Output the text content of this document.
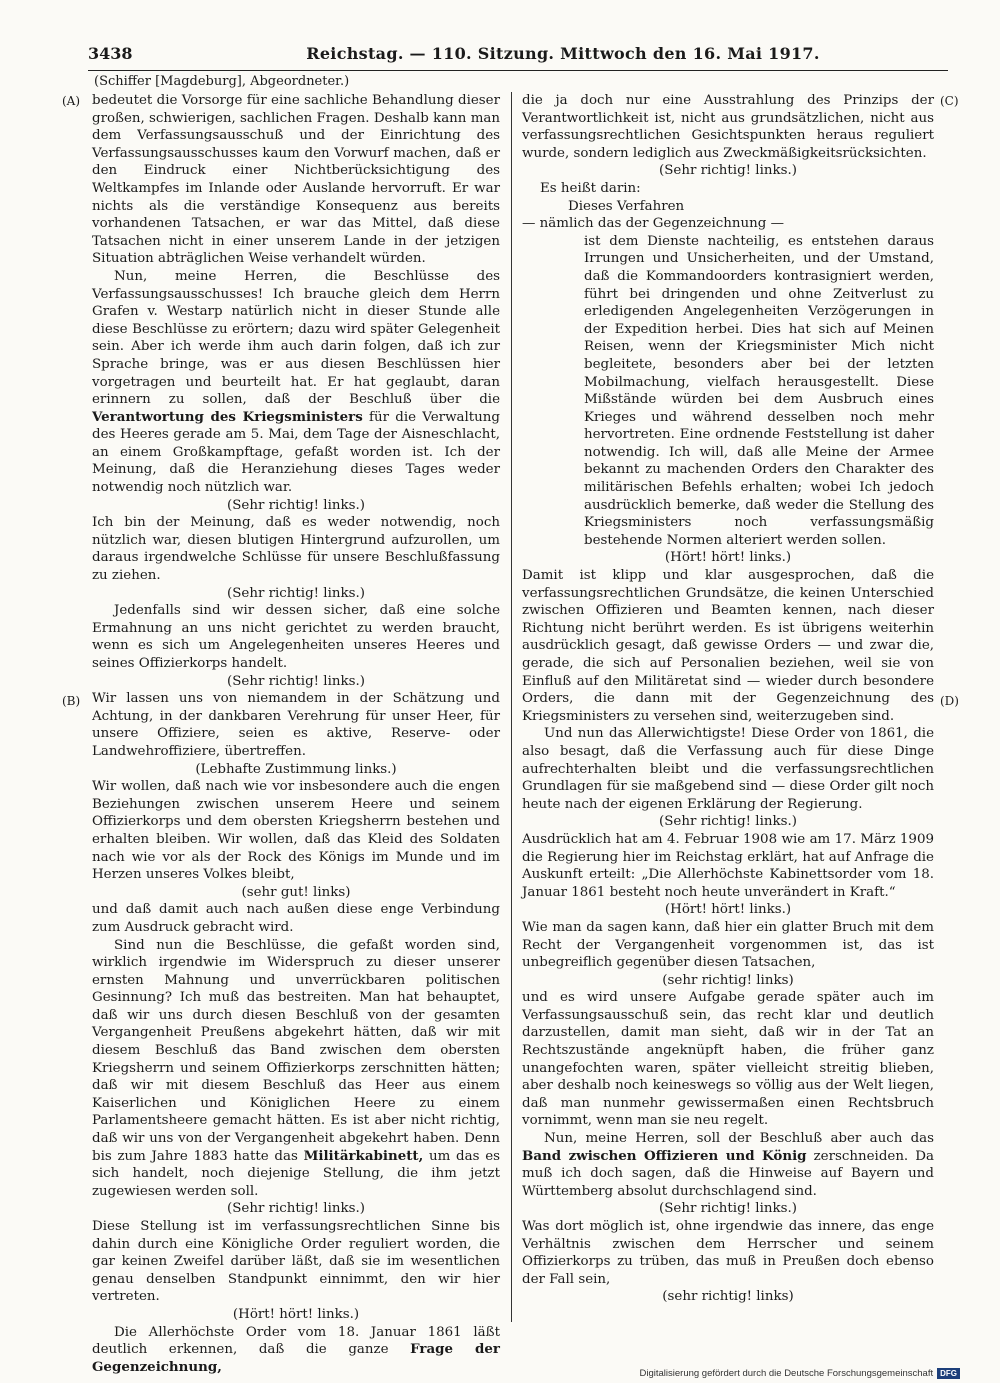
3438	Reichstag. — 110. Sitzung. Mittwoch den 16. Mai 1917.
(Schiffer [Magdeburg], Abgeordneter.)
(A)
(B)
(C)
(D)

bedeutet die Vorsorge für eine sachliche Behandlung dieser großen, schwierigen, sachlichen Fragen. Deshalb kann man dem Verfassungsausschuß und der Einrichtung des Verfassungsausschusses kaum den Vorwurf machen, daß er den Eindruck einer Nichtberücksichtigung des Weltkampfes im Inlande oder Auslande hervorruft. Er war nichts als die verständige Konsequenz aus bereits vorhandenen Tatsachen, er war das Mittel, daß diese Tatsachen nicht in einer unserem Lande in der jetzigen Situation abträglichen Weise verhandelt würden.

Nun, meine Herren, die Beschlüsse des Verfassungsausschusses! Ich brauche gleich dem Herrn Grafen v. Westarp natürlich nicht in dieser Stunde alle diese Beschlüsse zu erörtern; dazu wird später Gelegenheit sein. Aber ich werde ihm auch darin folgen, daß ich zur Sprache bringe, was er aus diesen Beschlüssen hier vorgetragen und beurteilt hat. Er hat geglaubt, daran erinnern zu sollen, daß der Beschluß über die Verantwortung des Kriegsministers für die Verwaltung des Heeres gerade am 5. Mai, dem Tage der Aisneschlacht, an einem Großkampftage, gefaßt worden ist. Ich der Meinung, daß die Heranziehung dieses Tages weder notwendig noch nützlich war.

(Sehr richtig! links.)

Ich bin der Meinung, daß es weder notwendig, noch nützlich war, diesen blutigen Hintergrund aufzurollen, um daraus irgendwelche Schlüsse für unsere Beschlußfassung zu ziehen.

(Sehr richtig! links.)

Jedenfalls sind wir dessen sicher, daß eine solche Ermahnung an uns nicht gerichtet zu werden braucht, wenn es sich um Angelegenheiten unseres Heeres und seines Offizierkorps handelt.

(Sehr richtig! links.)

Wir lassen uns von niemandem in der Schätzung und Achtung, in der dankbaren Verehrung für unser Heer, für unsere Offiziere, seien es aktive, Reserve- oder Landwehroffiziere, übertreffen.

(Lebhafte Zustimmung links.)

Wir wollen, daß nach wie vor insbesondere auch die engen Beziehungen zwischen unserem Heere und seinem Offizierkorps und dem obersten Kriegsherrn bestehen und erhalten bleiben. Wir wollen, daß das Kleid des Soldaten nach wie vor als der Rock des Königs im Munde und im Herzen unseres Volkes bleibt,

(sehr gut! links)

und daß damit auch nach außen diese enge Verbindung zum Ausdruck gebracht wird.

Sind nun die Beschlüsse, die gefaßt worden sind, wirklich irgendwie im Widerspruch zu dieser unserer ernsten Mahnung und unverrückbaren politischen Gesinnung? Ich muß das bestreiten. Man hat behauptet, daß wir uns durch diesen Beschluß von der gesamten Vergangenheit Preußens abgekehrt hätten, daß wir mit diesem Beschluß das Band zwischen dem obersten Kriegsherrn und seinem Offizierkorps zerschnitten hätten; daß wir mit diesem Beschluß das Heer aus einem Kaiserlichen und Königlichen Heere zu einem Parlamentsheere gemacht hätten. Es ist aber nicht richtig, daß wir uns von der Vergangenheit abgekehrt haben. Denn bis zum Jahre 1883 hatte das Militärkabinett, um das es sich handelt, noch diejenige Stellung, die ihm jetzt zugewiesen werden soll.

(Sehr richtig! links.)

Diese Stellung ist im verfassungsrechtlichen Sinne bis dahin durch eine Königliche Order reguliert worden, die gar keinen Zweifel darüber läßt, daß sie im wesentlichen genau denselben Standpunkt einnimmt, den wir hier vertreten.

(Hört! hört! links.)

Die Allerhöchste Order vom 18. Januar 1861 läßt deutlich erkennen, daß die ganze Frage der Gegenzeichnung,

die ja doch nur eine Ausstrahlung des Prinzips der Verantwortlichkeit ist, nicht aus grundsätzlichen, nicht aus verfassungsrechtlichen Gesichtspunkten heraus reguliert wurde, sondern lediglich aus Zweckmäßigkeitsrücksichten.

(Sehr richtig! links.)

Es heißt darin:

Dieses Verfahren

— nämlich das der Gegenzeichnung —

ist dem Dienste nachteilig, es entstehen daraus Irrungen und Unsicherheiten, und der Umstand, daß die Kommandoorders kontrasigniert werden, führt bei dringenden und ohne Zeitverlust zu erledigenden Angelegenheiten Verzögerungen in der Expedition herbei. Dies hat sich auf Meinen Reisen, wenn der Kriegsminister Mich nicht begleitete, besonders aber bei der letzten Mobilmachung, vielfach herausgestellt. Diese Mißstände würden bei dem Ausbruch eines Krieges und während desselben noch mehr hervortreten. Eine ordnende Feststellung ist daher notwendig. Ich will, daß alle Meine der Armee bekannt zu machenden Orders den Charakter des militärischen Befehls erhalten; wobei Ich jedoch ausdrücklich bemerke, daß weder die Stellung des Kriegsministers noch verfassungsmäßig bestehende Normen alteriert werden sollen.

(Hört! hört! links.)

Damit ist klipp und klar ausgesprochen, daß die verfassungsrechtlichen Grundsätze, die keinen Unterschied zwischen Offizieren und Beamten kennen, nach dieser Richtung nicht berührt werden. Es ist übrigens weiterhin ausdrücklich gesagt, daß gewisse Orders — und zwar die, gerade, die sich auf Personalien beziehen, weil sie von Einfluß auf den Militäretat sind — wieder durch besondere Orders, die dann mit der Gegenzeichnung des Kriegsministers zu versehen sind, weiterzugeben sind.

Und nun das Allerwichtigste! Diese Order von 1861, die also besagt, daß die Verfassung auch für diese Dinge aufrechterhalten bleibt und die verfassungsrechtlichen Grundlagen für sie maßgebend sind — diese Order gilt noch heute nach der eigenen Erklärung der Regierung.

(Sehr richtig! links.)

Ausdrücklich hat am 4. Februar 1908 wie am 17. März 1909 die Regierung hier im Reichstag erklärt, hat auf Anfrage die Auskunft erteilt: „Die Allerhöchste Kabinettsorder vom 18. Januar 1861 besteht noch heute unverändert in Kraft.“

(Hört! hört! links.)

Wie man da sagen kann, daß hier ein glatter Bruch mit dem Recht der Vergangenheit vorgenommen ist, das ist unbegreiflich gegenüber diesen Tatsachen,

(sehr richtig! links)

und es wird unsere Aufgabe gerade später auch im Verfassungsausschuß sein, das recht klar und deutlich darzustellen, damit man sieht, daß wir in der Tat an Rechtszustände angeknüpft haben, die früher ganz unangefochten waren, später vielleicht streitig blieben, aber deshalb noch keineswegs so völlig aus der Welt liegen, daß man nunmehr gewissermaßen einen Rechtsbruch vornimmt, wenn man sie neu regelt.

Nun, meine Herren, soll der Beschluß aber auch das Band zwischen Offizieren und König zerschneiden. Da muß ich doch sagen, daß die Hinweise auf Bayern und Württemberg absolut durchschlagend sind.

(Sehr richtig! links.)

Was dort möglich ist, ohne irgendwie das innere, das enge Verhältnis zwischen dem Herrscher und seinem Offizierkorps zu trüben, das muß in Preußen doch ebenso der Fall sein,

(sehr richtig! links)

Digitalisierung gefördert durch die Deutsche Forschungsgemeinschaft DFG
